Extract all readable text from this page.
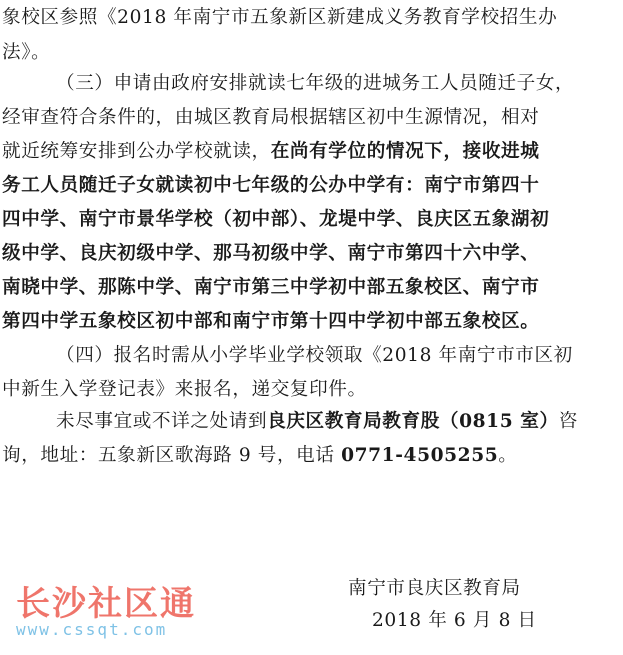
象校区参照《2018 年南宁市五象新区新建成义务教育学校招生办
法》。
（三）申请由政府安排就读七年级的进城务工人员随迁子女，
经审查符合条件的，由城区教育局根据辖区初中生源情况，相对
就近统筹安排到公办学校就读，在尚有学位的情况下，接收进城
务工人员随迁子女就读初中七年级的公办中学有：南宁市第四十
四中学、南宁市景华学校（初中部）、龙堤中学、良庆区五象湖初
级中学、良庆初级中学、那马初级中学、南宁市第四十六中学、
南晓中学、那陈中学、南宁市第三中学初中部五象校区、南宁市
第四中学五象校区初中部和南宁市第十四中学初中部五象校区。
（四）报名时需从小学毕业学校领取《2018 年南宁市市区初
中新生入学登记表》来报名，递交复印件。
未尽事宜或不详之处请到良庆区教育局教育股（0815 室）咨
询，地址：五象新区歌海路 9 号，电话 0771-4505255。
南宁市良庆区教育局
2018 年 6 月 8 日
长沙社区通
www.cssqt.com
